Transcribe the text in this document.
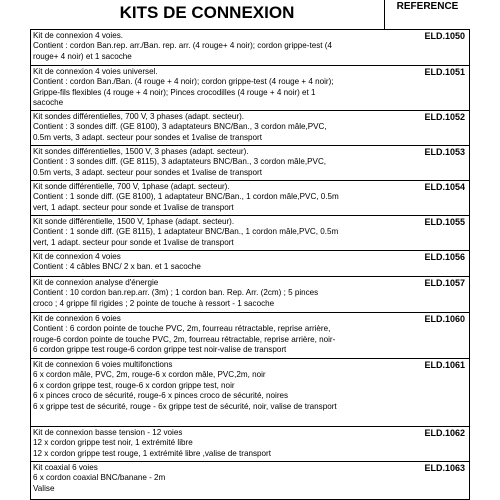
KITS DE CONNEXION	REFERENCE
Kit de connexion 4 voies.
Contient : cordon Ban.rep. arr./Ban. rep. arr. (4 rouge+ 4 noir); cordon grippe-test (4
rouge+ 4 noir) et 1 sacoche
ELD.1050
Kit de connexion 4 voies universel.
Contient : cordon Ban./Ban. (4 rouge + 4 noir); cordon grippe-test (4 rouge + 4 noir);
Grippe-fils flexibles (4 rouge + 4 noir); Pinces crocodilles (4 rouge + 4 noir) et 1
sacoche
ELD.1051
Kit sondes différentielles, 700 V, 3 phases (adapt. secteur).
Contient : 3 sondes diff. (GE 8100), 3 adaptateurs BNC/Ban., 3 cordon mâle,PVC,
0.5m verts, 3 adapt. secteur pour sondes et 1valise de transport
ELD.1052
Kit sondes différentielles, 1500 V, 3 phases (adapt. secteur).
Contient : 3 sondes diff. (GE 8115), 3 adaptateurs BNC/Ban., 3 cordon mâle,PVC,
0.5m verts, 3 adapt. secteur pour sondes et 1valise de transport
ELD.1053
Kit sonde différentielle, 700 V, 1phase (adapt. secteur).
Contient : 1 sonde diff. (GE 8100), 1 adaptateur BNC/Ban., 1 cordon mâle,PVC, 0.5m
vert, 1 adapt. secteur pour sonde et 1valise de transport
ELD.1054
Kit sonde différentielle, 1500 V, 1phase (adapt. secteur).
Contient : 1 sonde diff. (GE 8115), 1 adaptateur BNC/Ban., 1 cordon mâle,PVC, 0.5m
vert, 1 adapt. secteur pour sonde et 1valise de transport
ELD.1055
Kit de connexion 4 voies
Contient : 4 câbles BNC/ 2 x ban. et 1 sacoche
ELD.1056
Kit de connexion analyse d'énergie
Contient : 10 cordon ban.rep.arr. (3m) ; 1 cordon ban. Rep. Arr. (2cm) ; 5 pinces
croco ; 4 grippe fil rigides ; 2 pointe de touche à ressort - 1 sacoche
ELD.1057
Kit de connexion 6 voies
Contient : 6 cordon pointe de touche PVC, 2m, fourreau rétractable, reprise arrière,
rouge-6 cordon pointe de touche PVC, 2m, fourreau rétractable, reprise arrière, noir-
6 cordon grippe test rouge-6 cordon grippe test noir-valise de transport
ELD.1060
Kit de connexion 6 voies multifonctions
6 x cordon mâle, PVC, 2m, rouge-6 x cordon mâle, PVC,2m, noir
6 x cordon grippe test, rouge-6 x cordon grippe test, noir
6 x pinces croco de sécurité, rouge-6 x pinces croco de sécurité, noires
6 x grippe test de sécurité, rouge - 6x grippe test de sécurité, noir, valise de transport
ELD.1061
Kit de connexion basse tension - 12 voies
12 x cordon grippe test noir, 1 extrémité libre
12 x cordon grippe test rouge, 1 extrémité libre ,valise de transport
ELD.1062
Kit coaxial 6 voies
6 x cordon coaxial BNC/banane - 2m
Valise
ELD.1063
